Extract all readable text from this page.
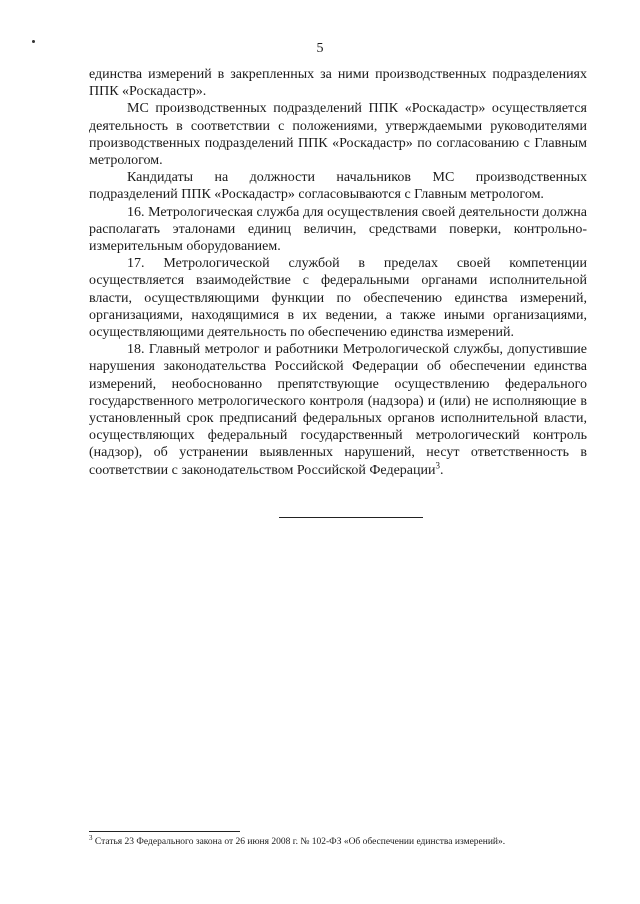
5

единства измерений в закрепленных за ними производственных подразделениях ППК «Роскадастр».

МС производственных подразделений ППК «Роскадастр» осуществляется деятельность в соответствии с положениями, утверждаемыми руководителями производственных подразделений ППК «Роскадастр» по согласованию с Главным метрологом.

Кандидаты на должности начальников МС производственных подразделений ППК «Роскадастр» согласовываются с Главным метрологом.

16. Метрологическая служба для осуществления своей деятельности должна располагать эталонами единиц величин, средствами поверки, контрольно-измерительным оборудованием.

17. Метрологической службой в пределах своей компетенции осуществляется взаимодействие с федеральными органами исполнительной власти, осуществляющими функции по обеспечению единства измерений, организациями, находящимися в их ведении, а также иными организациями, осуществляющими деятельность по обеспечению единства измерений.

18. Главный метролог и работники Метрологической службы, допустившие нарушения законодательства Российской Федерации об обеспечении единства измерений, необоснованно препятствующие осуществлению федерального государственного метрологического контроля (надзора) и (или) не исполняющие в установленный срок предписаний федеральных органов исполнительной власти, осуществляющих федеральный государственный метрологический контроль (надзор), об устранении выявленных нарушений, несут ответственность в соответствии с законодательством Российской Федерации$^3$.

$^3$ Статья 23 Федерального закона от 26 июня 2008 г. № 102-ФЗ «Об обеспечении единства измерений».
